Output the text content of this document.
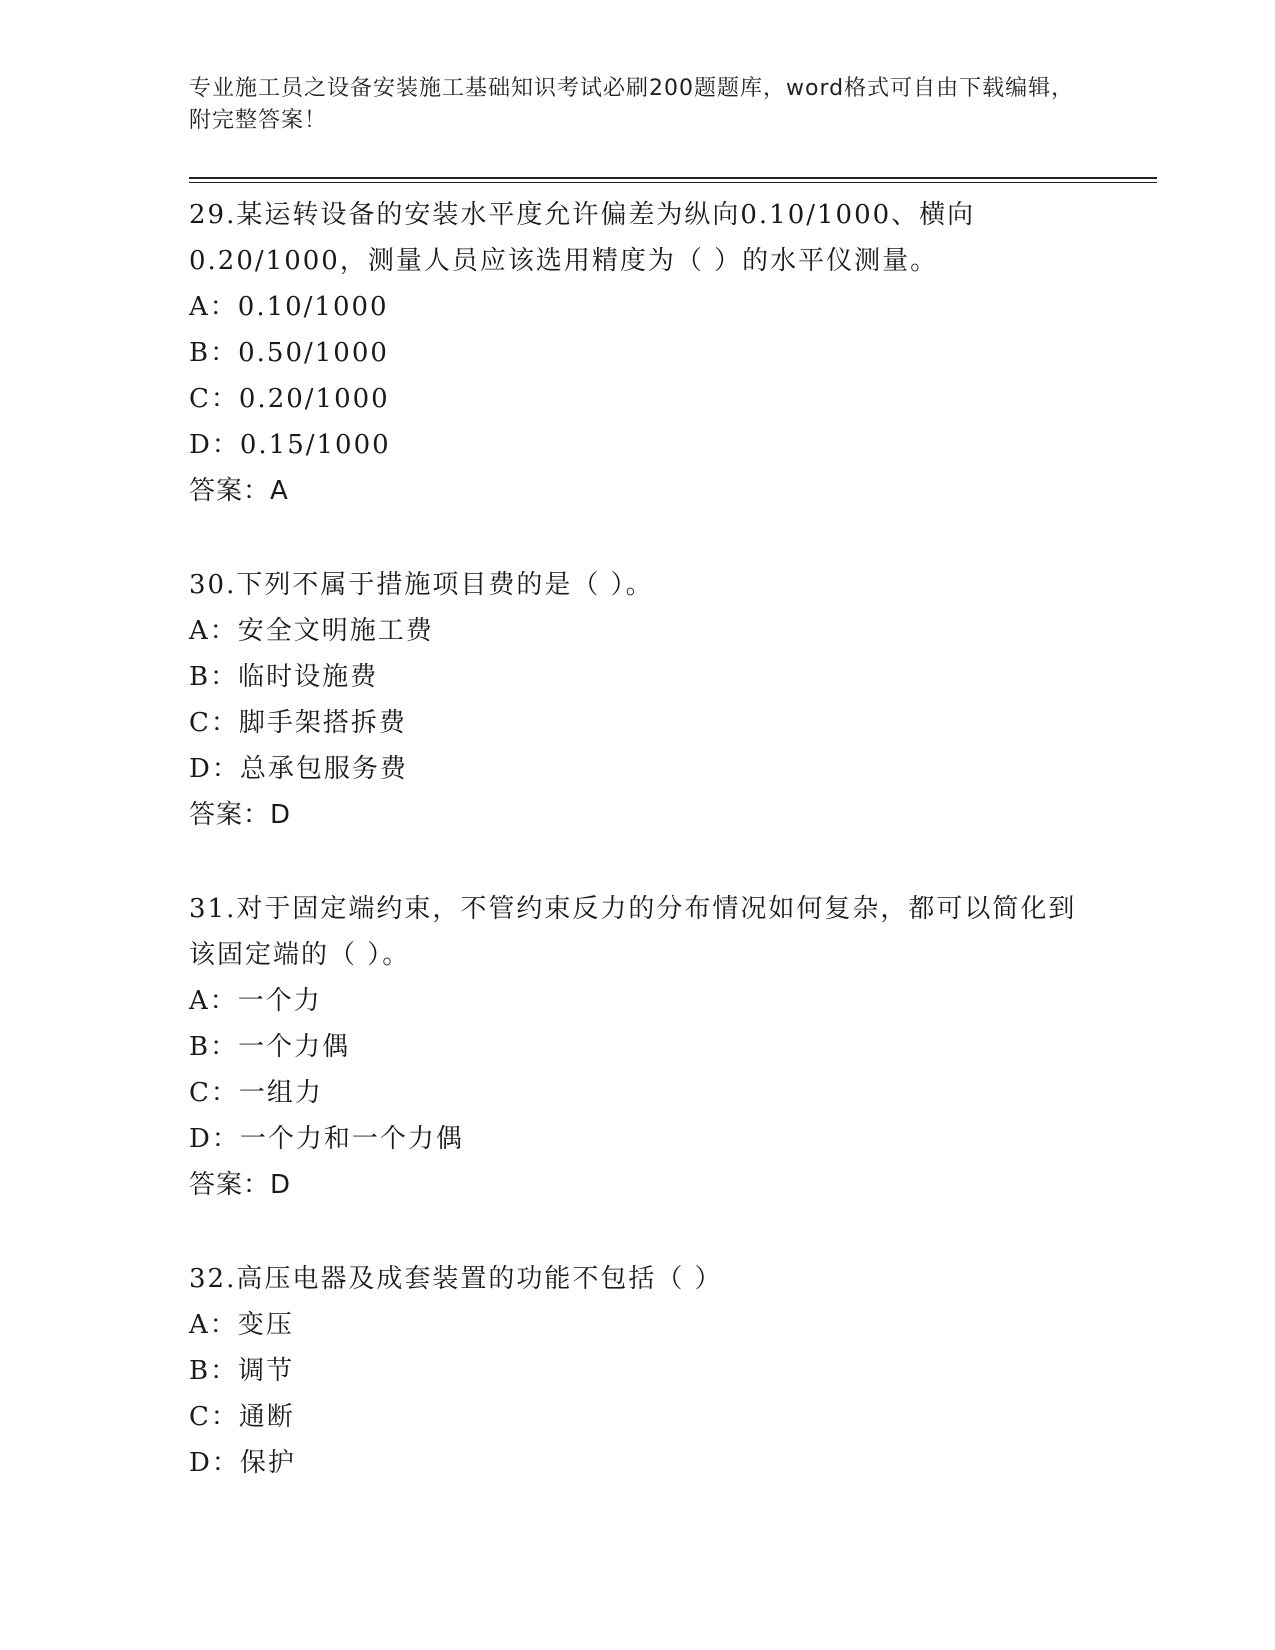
专业施工员之设备安装施工基础知识考试必刷200题题库，word格式可自由下载编辑，附完整答案！
29.某运转设备的安装水平度允许偏差为纵向0.10/1000、横向0.20/1000，测量人员应该选用精度为（ ）的水平仪测量。
A：0.10/1000
B：0.50/1000
C：0.20/1000
D：0.15/1000
答案：A
30.下列不属于措施项目费的是（ ）。
A：安全文明施工费
B：临时设施费
C：脚手架搭拆费
D：总承包服务费
答案：D
31.对于固定端约束，不管约束反力的分布情况如何复杂，都可以简化到该固定端的（ ）。
A：一个力
B：一个力偶
C：一组力
D：一个力和一个力偶
答案：D
32.高压电器及成套装置的功能不包括（ ）
A：变压
B：调节
C：通断
D：保护
